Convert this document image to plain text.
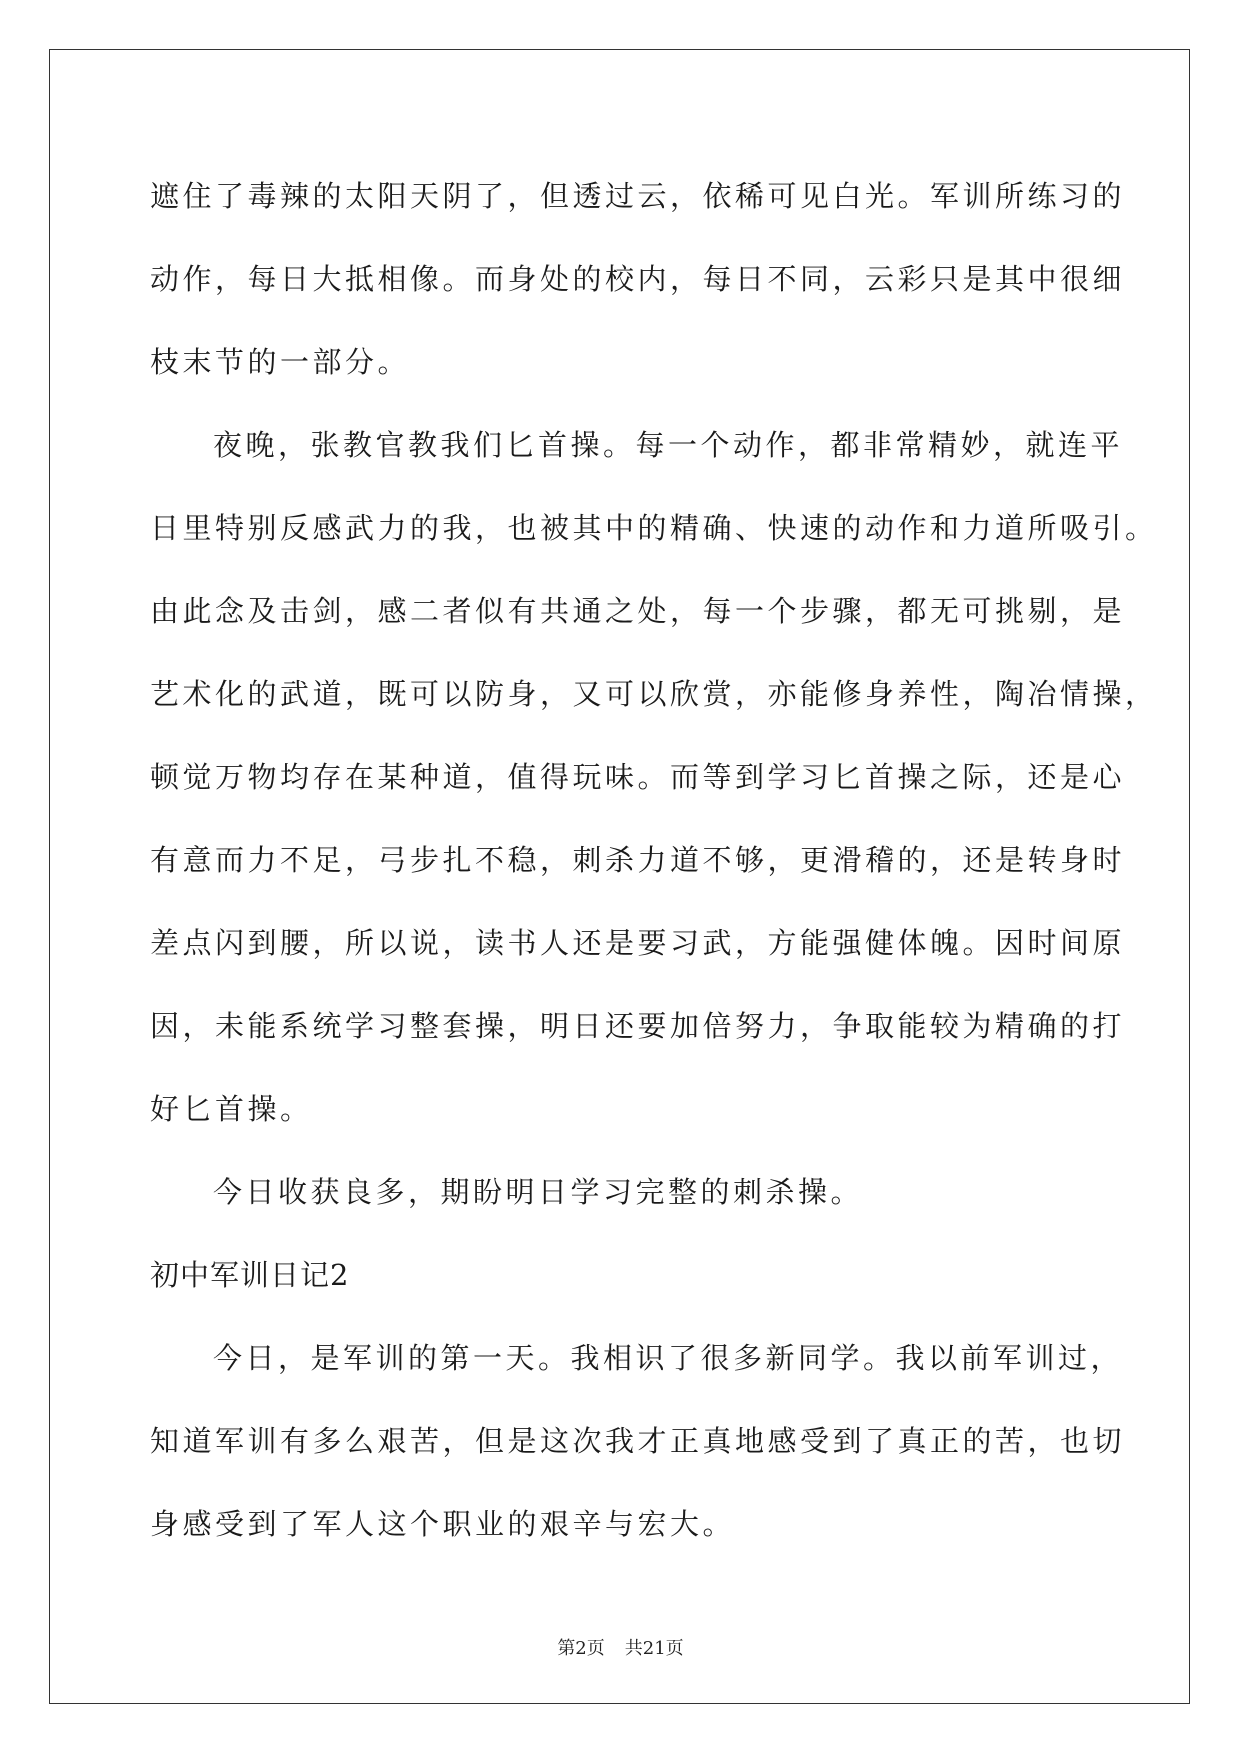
遮住了毒辣的太阳天阴了，但透过云，依稀可见白光。军训所练习的
动作，每日大抵相像。而身处的校内，每日不同，云彩只是其中很细
枝末节的一部分。
夜晚，张教官教我们匕首操。每一个动作，都非常精妙，就连平
日里特别反感武力的我，也被其中的精确、快速的动作和力道所吸引。
由此念及击剑，感二者似有共通之处，每一个步骤，都无可挑剔，是
艺术化的武道，既可以防身，又可以欣赏，亦能修身养性，陶冶情操，
顿觉万物均存在某种道，值得玩味。而等到学习匕首操之际，还是心
有意而力不足，弓步扎不稳，刺杀力道不够，更滑稽的，还是转身时
差点闪到腰，所以说，读书人还是要习武，方能强健体魄。因时间原
因，未能系统学习整套操，明日还要加倍努力，争取能较为精确的打
好匕首操。
今日收获良多，期盼明日学习完整的刺杀操。
初中军训日记2
今日，是军训的第一天。我相识了很多新同学。我以前军训过，
知道军训有多么艰苦，但是这次我才正真地感受到了真正的苦，也切
身感受到了军人这个职业的艰辛与宏大。
第2页 共21页
